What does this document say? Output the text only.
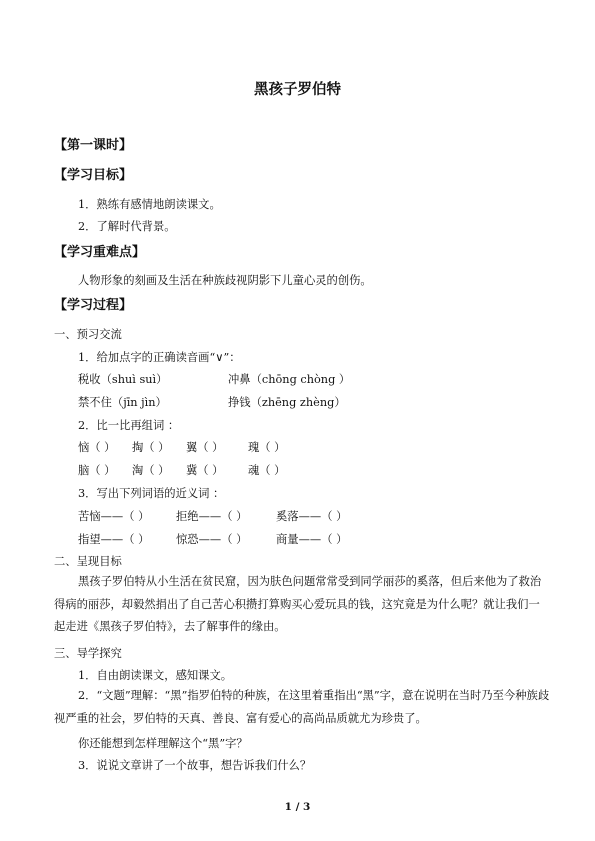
黑孩子罗伯特
【第一课时】
【学习目标】
1．熟练有感情地朗读课文。
2．了解时代背景。
【学习重难点】
人物形象的刻画及生活在种族歧视阴影下儿童心灵的创伤。
【学习过程】
一、预习交流
1．给加点字的正确读音画“∨”：
税收（shuì suì）	冲鼻（chōng chòng ）
禁不住（jīn jìn）	挣钱（zhēng zhèng）
2．比一比再组词 ：
恼（ ） 掏（ ） 翼（ ） 瑰（ ）
脑（ ） 淘（ ） 冀（ ） 魂（ ）
3．写出下列词语的近义词 ：
苦恼——（ ） 拒绝——（ ）	奚落——（ ）
指望——（ ） 惊恐——（ ）	商量——（ ）
二、呈现目标
黑孩子罗伯特从小生活在贫民窟，因为肤色问题常常受到同学丽莎的奚落，但后来他为了救治得病的丽莎，却毅然捐出了自己苦心积攒打算购买心爱玩具的钱，这究竟是为什么呢？就让我们一起走进《黑孩子罗伯特》，去了解事件的缘由。
三、导学探究
1．自由朗读课文，感知课文。
2．“文题”理解：“黑”指罗伯特的种族，在这里着重指出“黑”字，意在说明在当时乃至今种族歧视严重的社会，罗伯特的天真、善良、富有爱心的高尚品质就尤为珍贵了。
你还能想到怎样理解这个“黑”字？
3．说说文章讲了一个故事，想告诉我们什么？
1 / 3
